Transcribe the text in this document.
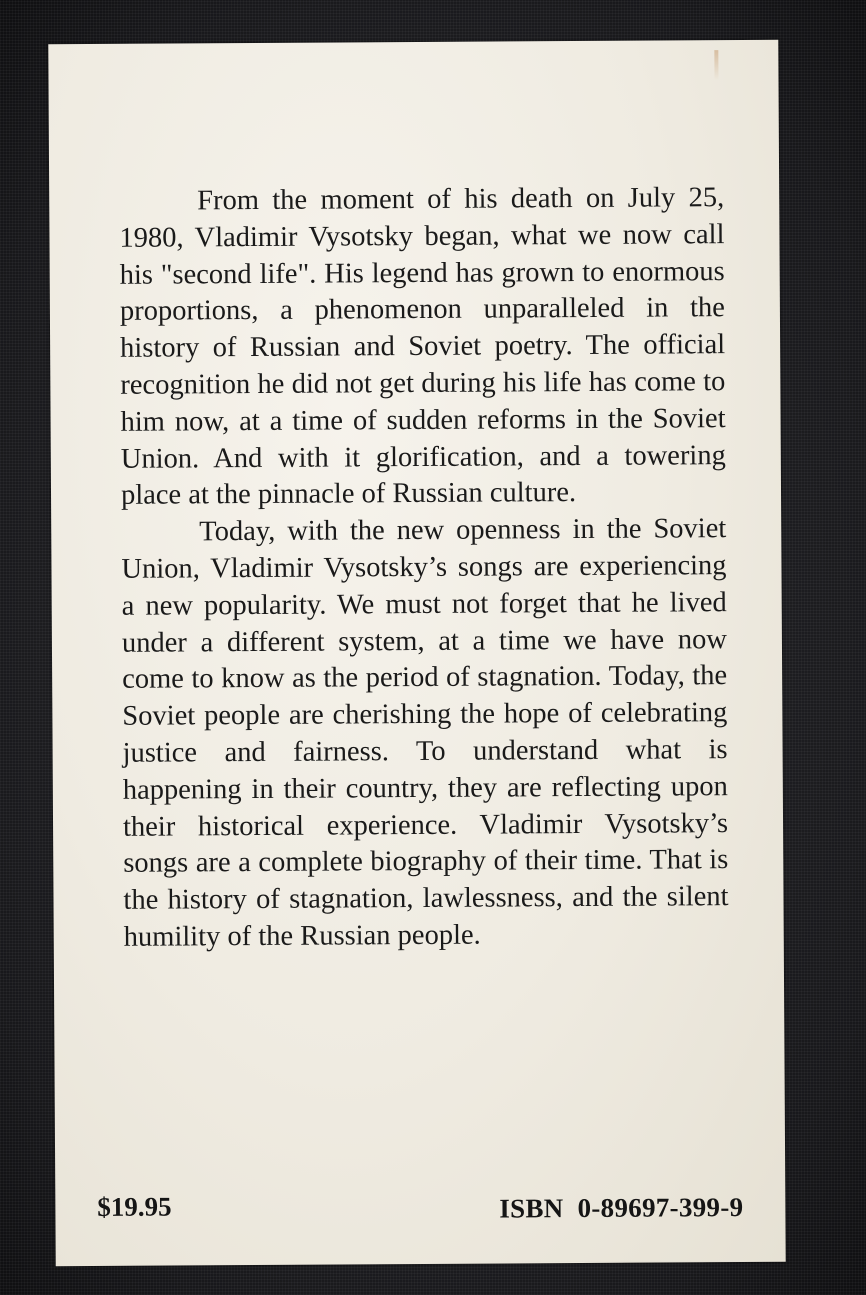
From the moment of his death on July 25, 1980, Vladimir Vysotsky began, what we now call his "second life". His legend has grown to enormous proportions, a phenomenon unparalleled in the history of Russian and Soviet poetry. The official recognition he did not get during his life has come to him now, at a time of sudden reforms in the Soviet Union. And with it glorification, and a towering place at the pinnacle of Russian culture.

Today, with the new openness in the Soviet Union, Vladimir Vysotsky’s songs are experiencing a new popularity. We must not forget that he lived under a different system, at a time we have now come to know as the period of stagnation. Today, the Soviet people are cherishing the hope of celebrating justice and fairness. To understand what is happening in their country, they are reflecting upon their historical experience. Vladimir Vysotsky’s songs are a complete biography of their time. That is the history of stagnation, lawlessness, and the silent humility of the Russian people.

$19.95	ISBN 0-89697-399-9
